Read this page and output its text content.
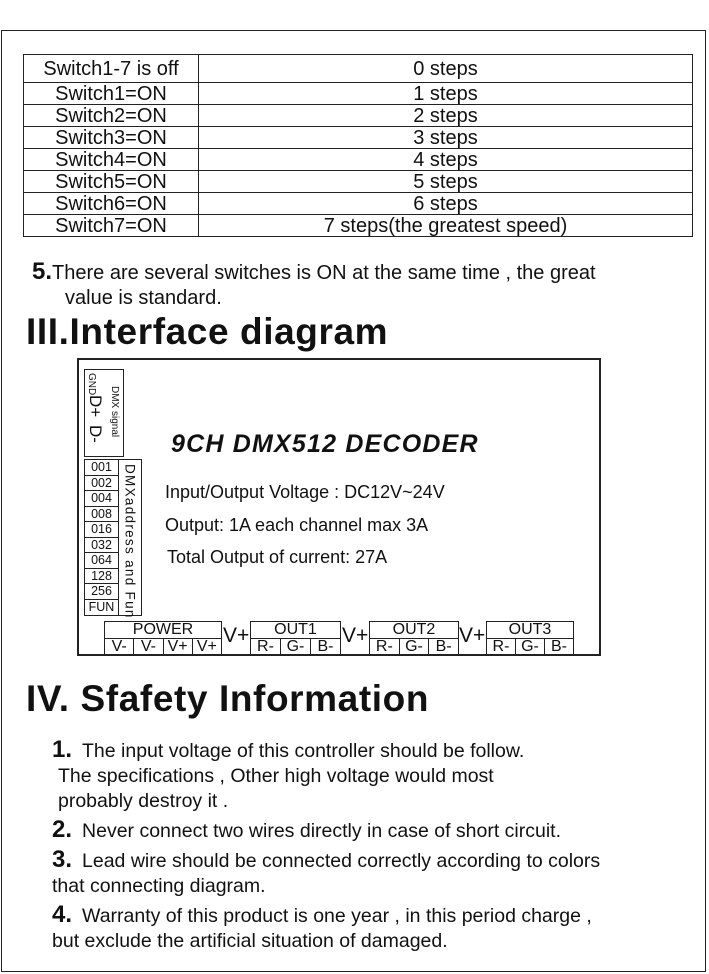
Switch1-7 is off	0 steps
Switch1=ON	1 steps
Switch2=ON	2 steps
Switch3=ON	3 steps
Switch4=ON	4 steps
Switch5=ON	5 steps
Switch6=ON	6 steps
Switch7=ON	7 steps(the greatest speed)
5.There are several switches is ON at the same time , the great
value is standard.
III.Interface diagram
GND
D+
D- DMX signal
001
002
004
008
016
032
064
128
256
FUN DMXaddress and Fun
9CH DMX512 DECODER
Input/Output Voltage : DC12V~24V
Output: 1A each channel max 3A
Total Output of current: 27A
POWER
V- V- V+ V+ V+	OUT1
R- G- B- V+	OUT2
R- G- B- V+	OUT3
R- G- B-
IV. Sfafety Information
1. The input voltage of this controller should be follow.
The specifications , Other high voltage would most
probably destroy it .
2. Never connect two wires directly in case of short circuit.
3. Lead wire should be connected correctly according to colors
that connecting diagram.
4. Warranty of this product is one year , in this period charge ,
but exclude the artificial situation of damaged.
